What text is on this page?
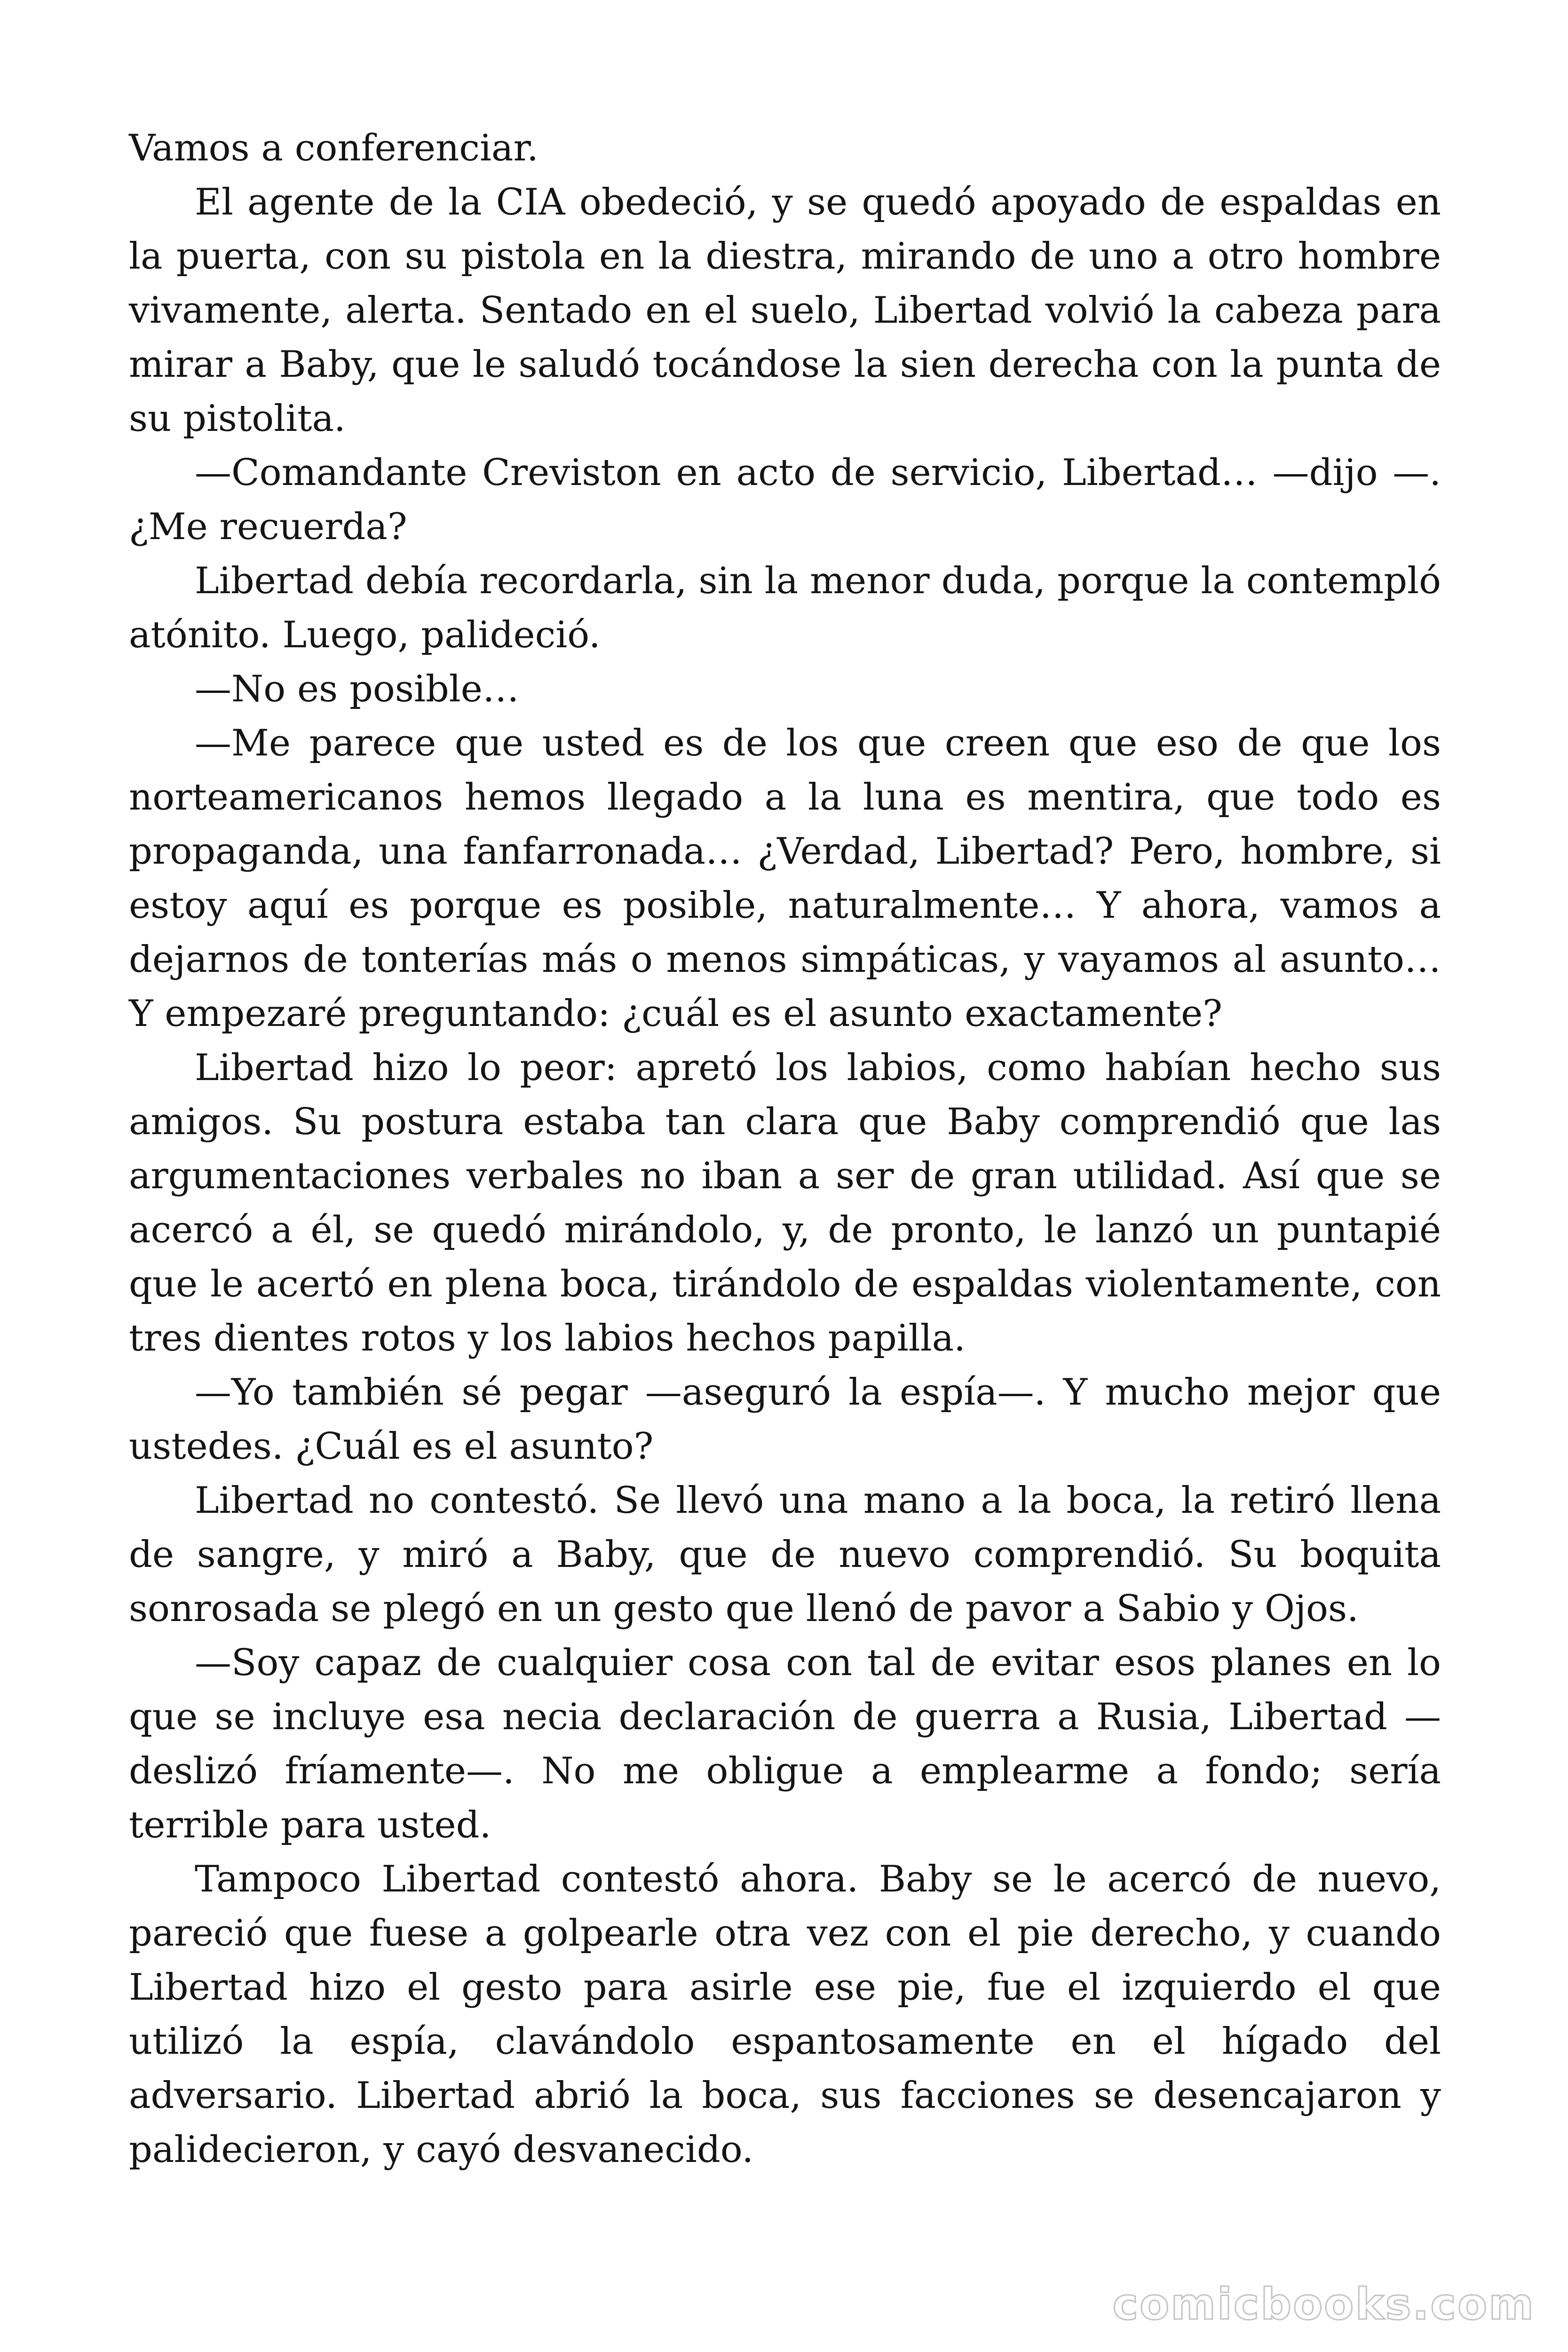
Vamos a conferenciar.

El agente de la CIA obedeció, y se quedó apoyado de espaldas en la puerta, con su pistola en la diestra, mirando de uno a otro hombre vivamente, alerta. Sentado en el suelo, Libertad volvió la cabeza para mirar a Baby, que le saludó tocándose la sien derecha con la punta de su pistolita.

—Comandante Creviston en acto de servicio, Libertad… —dijo —. ¿Me recuerda?

Libertad debía recordarla, sin la menor duda, porque la contempló atónito. Luego, palideció.

—No es posible…

—Me parece que usted es de los que creen que eso de que los norteamericanos hemos llegado a la luna es mentira, que todo es propaganda, una fanfarronada… ¿Verdad, Libertad? Pero, hombre, si estoy aquí es porque es posible, naturalmente… Y ahora, vamos a dejarnos de tonterías más o menos simpáticas, y vayamos al asunto… Y empezaré preguntando: ¿cuál es el asunto exactamente?

Libertad hizo lo peor: apretó los labios, como habían hecho sus amigos. Su postura estaba tan clara que Baby comprendió que las argumentaciones verbales no iban a ser de gran utilidad. Así que se acercó a él, se quedó mirándolo, y, de pronto, le lanzó un puntapié que le acertó en plena boca, tirándolo de espaldas violentamente, con tres dientes rotos y los labios hechos papilla.

—Yo también sé pegar —aseguró la espía—. Y mucho mejor que ustedes. ¿Cuál es el asunto?

Libertad no contestó. Se llevó una mano a la boca, la retiró llena de sangre, y miró a Baby, que de nuevo comprendió. Su boquita sonrosada se plegó en un gesto que llenó de pavor a Sabio y Ojos.

—Soy capaz de cualquier cosa con tal de evitar esos planes en lo que se incluye esa necia declaración de guerra a Rusia, Libertad — deslizó fríamente—. No me obligue a emplearme a fondo; sería terrible para usted.

Tampoco Libertad contestó ahora. Baby se le acercó de nuevo, pareció que fuese a golpearle otra vez con el pie derecho, y cuando Libertad hizo el gesto para asirle ese pie, fue el izquierdo el que utilizó la espía, clavándolo espantosamente en el hígado del adversario. Libertad abrió la boca, sus facciones se desencajaron y palidecieron, y cayó desvanecido.

comicbooks.com
